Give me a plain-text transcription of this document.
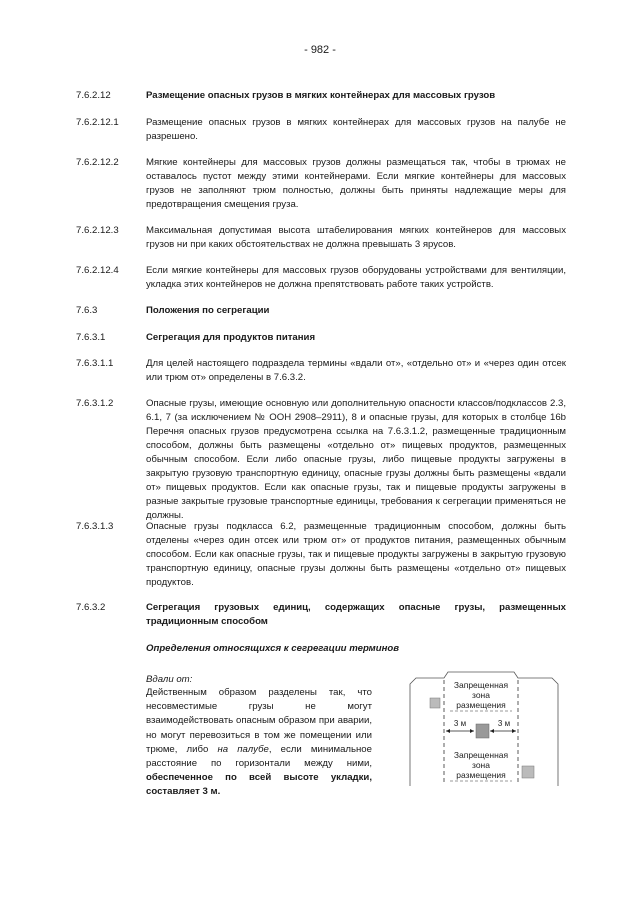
- 982 -
7.6.2.12	Размещение опасных грузов в мягких контейнерах для массовых грузов
7.6.2.12.1	Размещение опасных грузов в мягких контейнерах для массовых грузов на палубе не разрешено.
7.6.2.12.2	Мягкие контейнеры для массовых грузов должны размещаться так, чтобы в трюмах не оставалось пустот между этими контейнерами. Если мягкие контейнеры для массовых грузов не заполняют трюм полностью, должны быть приняты надлежащие меры для предотвращения смещения груза.
7.6.2.12.3	Максимальная допустимая высота штабелирования мягких контейнеров для массовых грузов ни при каких обстоятельствах не должна превышать 3 ярусов.
7.6.2.12.4	Если мягкие контейнеры для массовых грузов оборудованы устройствами для вентиляции, укладка этих контейнеров не должна препятствовать работе таких устройств.
7.6.3	Положения по сегрегации
7.6.3.1	Сегрегация для продуктов питания
7.6.3.1.1	Для целей настоящего подраздела термины «вдали от», «отдельно от» и «через один отсек или трюм от» определены в 7.6.3.2.
7.6.3.1.2	Опасные грузы, имеющие основную или дополнительную опасности классов/подклассов 2.3, 6.1, 7 (за исключением № ООН 2908–2911), 8 и опасные грузы, для которых в столбце 16b Перечня опасных грузов предусмотрена ссылка на 7.6.3.1.2, размещенные традиционным способом, должны быть размещены «отдельно от» пищевых продуктов, размещенных обычным способом. Если либо опасные грузы, либо пищевые продукты загружены в закрытую грузовую транспортную единицу, опасные грузы должны быть размещены «вдали от» пищевых продуктов. Если как опасные грузы, так и пищевые продукты загружены в разные закрытые грузовые транспортные единицы, требования к сегрегации применяться не должны.
7.6.3.1.3	Опасные грузы подкласса 6.2, размещенные традиционным способом, должны быть отделены «через один отсек или трюм от» от продуктов питания, размещенных обычным способом. Если как опасные грузы, так и пищевые продукты загружены в закрытую грузовую транспортную единицу, опасные грузы должны быть размещены «отдельно от» пищевых продуктов.
7.6.3.2	Сегрегация грузовых единиц, содержащих опасные грузы, размещенных традиционным способом
Определения относящихся к сегрегации терминов
Вдали от:
Действенным образом разделены так, что несовместимые грузы не могут взаимодействовать опасным образом при аварии, но могут перевозиться в том же помещении или трюме, либо на палубе, если минимальное расстояние по горизонтали между ними, обеспеченное по всей высоте укладки, составляет 3 м.
Запрещенная
зона
размещения
3 м	3 м
Запрещенная
зона
размещения
